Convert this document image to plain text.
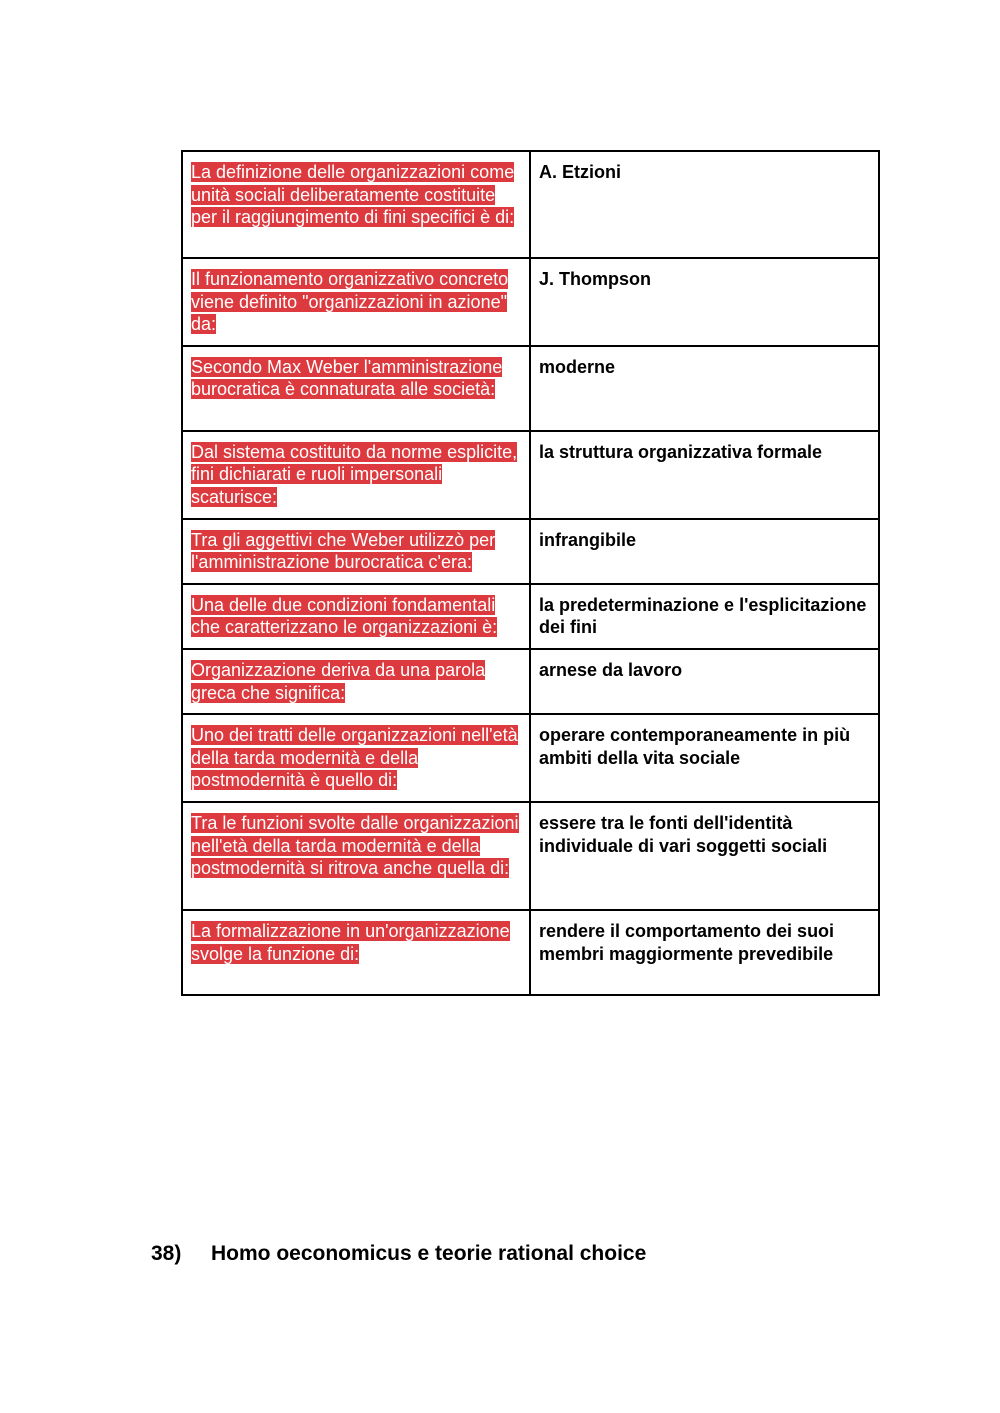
La definizione delle organizzazioni come unità sociali deliberatamente costituite per il raggiungimento di fini specifici è di:	A. Etzioni
Il funzionamento organizzativo concreto viene definito "organizzazioni in azione" da:	J. Thompson
Secondo Max Weber l'amministrazione burocratica è connaturata alle società:	moderne
Dal sistema costituito da norme esplicite, fini dichiarati e ruoli impersonali scaturisce:	la struttura organizzativa formale
Tra gli aggettivi che Weber utilizzò per l'amministrazione burocratica c'era:	infrangibile
Una delle due condizioni fondamentali che caratterizzano le organizzazioni è:	la predeterminazione e l'esplicitazione dei fini
Organizzazione deriva da una parola greca che significa:	arnese da lavoro
Uno dei tratti delle organizzazioni nell'età della tarda modernità e della postmodernità è quello di:	operare contemporaneamente in più ambiti della vita sociale
Tra le funzioni svolte dalle organizzazioni nell'età della tarda modernità e della postmodernità si ritrova anche quella di:	essere tra le fonti dell'identità individuale di vari soggetti sociali
La formalizzazione in un'organizzazione svolge la funzione di:	rendere il comportamento dei suoi membri maggiormente prevedibile
38) Homo oeconomicus e teorie rational choice
